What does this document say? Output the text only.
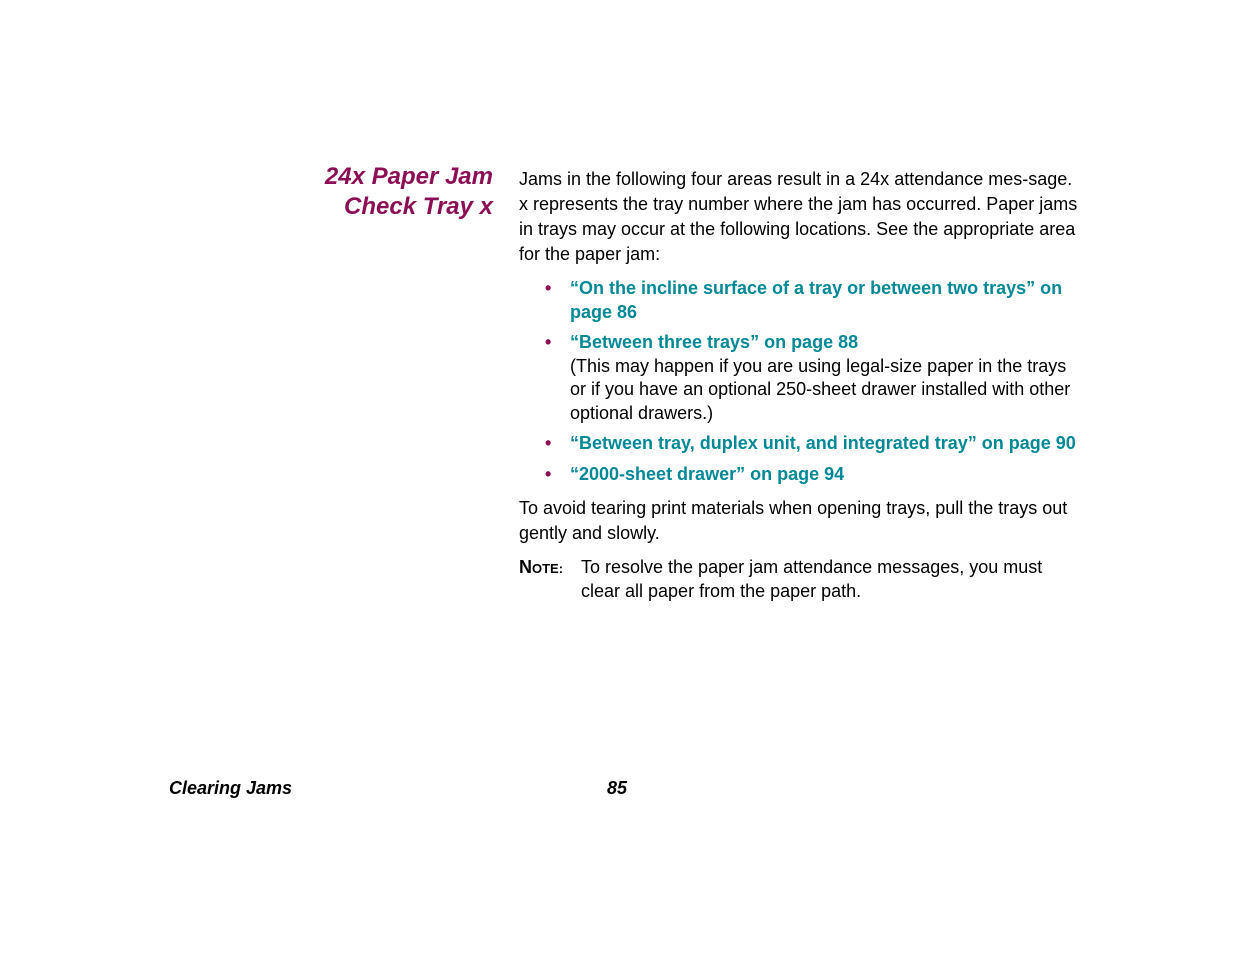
24x Paper Jam
Check Tray x

Jams in the following four areas result in a 24x attendance mes-sage. x represents the tray number where the jam has occurred. Paper jams in trays may occur at the following locations. See the appropriate area for the paper jam:

• “On the incline surface of a tray or between two trays” on page 86
• “Between three trays” on page 88
(This may happen if you are using legal-size paper in the trays or if you have an optional 250-sheet drawer installed with other optional drawers.)
• “Between tray, duplex unit, and integrated tray” on page 90
• “2000-sheet drawer” on page 94

To avoid tearing print materials when opening trays, pull the trays out gently and slowly.

NOTE: To resolve the paper jam attendance messages, you must clear all paper from the paper path.
Clearing Jams	85
